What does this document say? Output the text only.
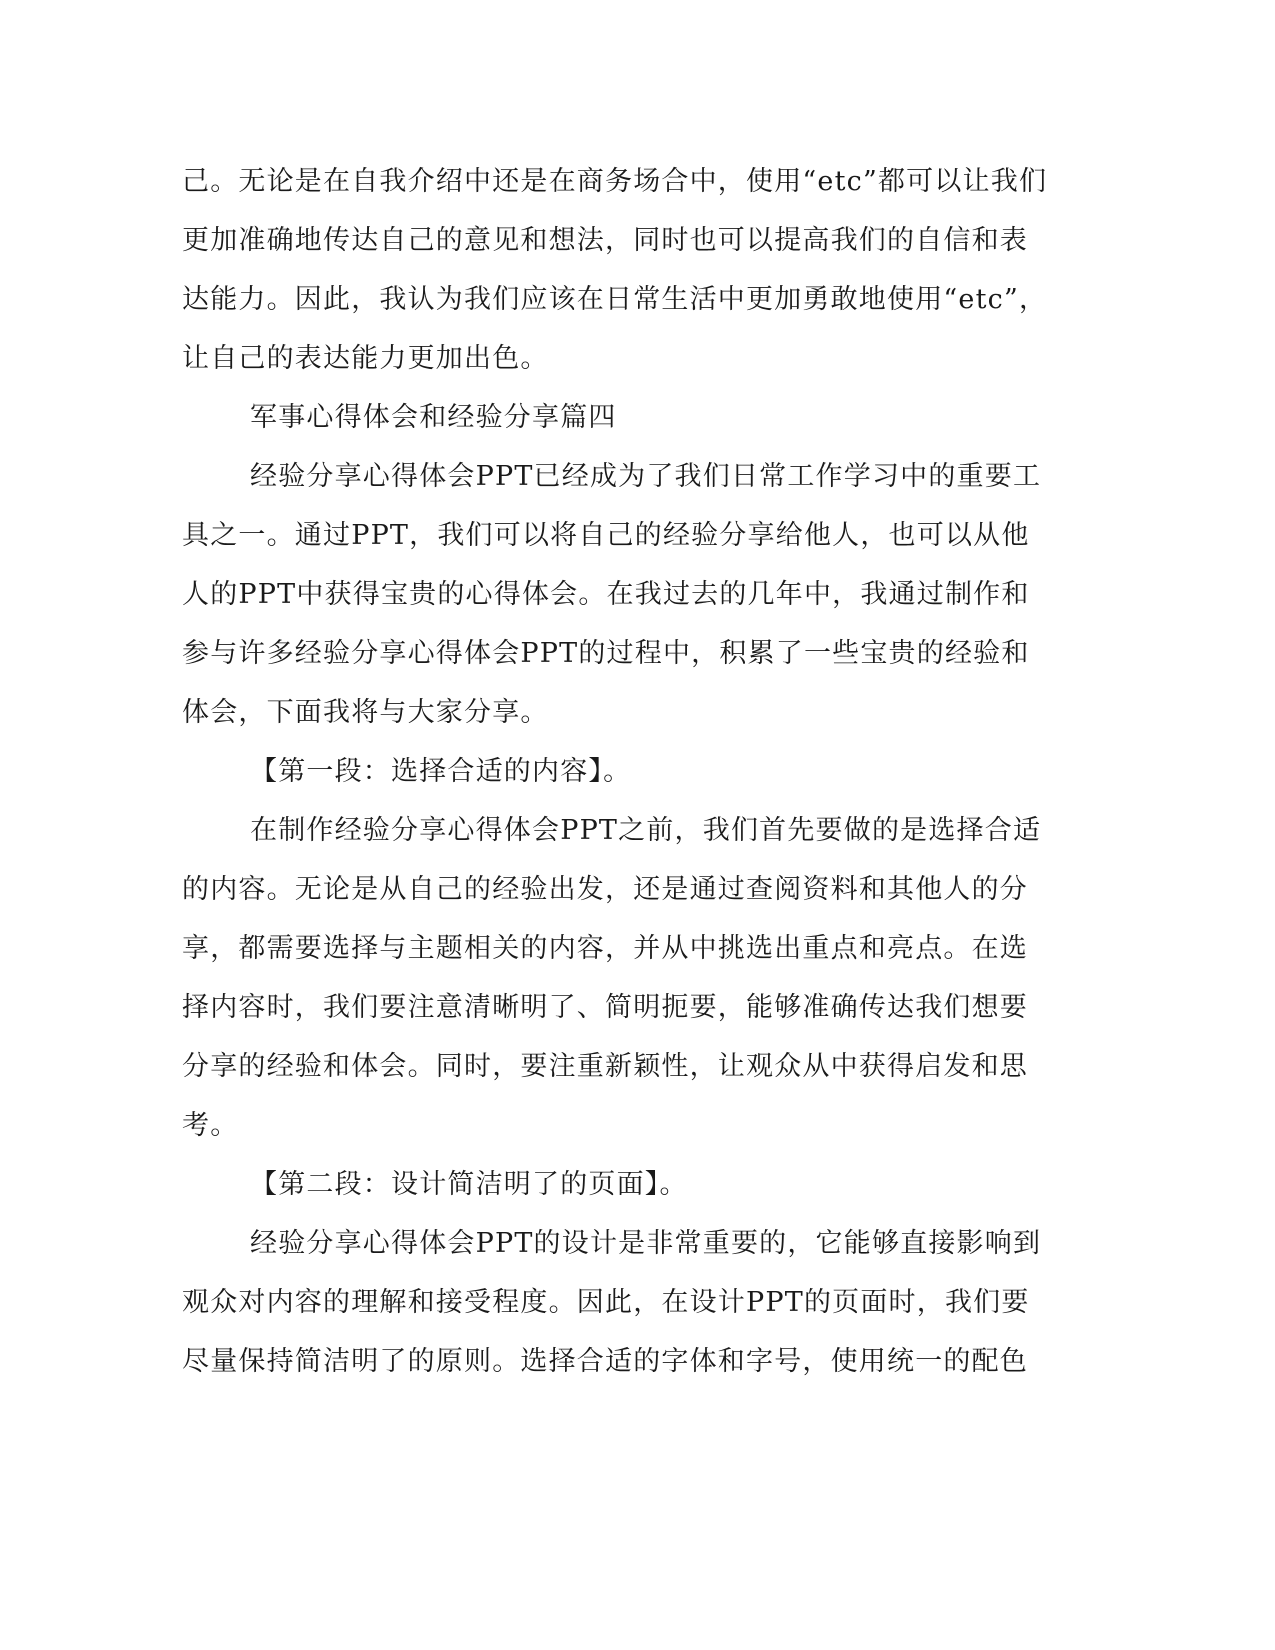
己。无论是在自我介绍中还是在商务场合中，使用“etc”都可以让我们
更加准确地传达自己的意见和想法，同时也可以提高我们的自信和表
达能力。因此，我认为我们应该在日常生活中更加勇敢地使用“etc”，
让自己的表达能力更加出色。
军事心得体会和经验分享篇四
经验分享心得体会PPT已经成为了我们日常工作学习中的重要工
具之一。通过PPT，我们可以将自己的经验分享给他人，也可以从他
人的PPT中获得宝贵的心得体会。在我过去的几年中，我通过制作和
参与许多经验分享心得体会PPT的过程中，积累了一些宝贵的经验和
体会，下面我将与大家分享。
【第一段：选择合适的内容】。
在制作经验分享心得体会PPT之前，我们首先要做的是选择合适
的内容。无论是从自己的经验出发，还是通过查阅资料和其他人的分
享，都需要选择与主题相关的内容，并从中挑选出重点和亮点。在选
择内容时，我们要注意清晰明了、简明扼要，能够准确传达我们想要
分享的经验和体会。同时，要注重新颖性，让观众从中获得启发和思
考。
【第二段：设计简洁明了的页面】。
经验分享心得体会PPT的设计是非常重要的，它能够直接影响到
观众对内容的理解和接受程度。因此，在设计PPT的页面时，我们要
尽量保持简洁明了的原则。选择合适的字体和字号，使用统一的配色
